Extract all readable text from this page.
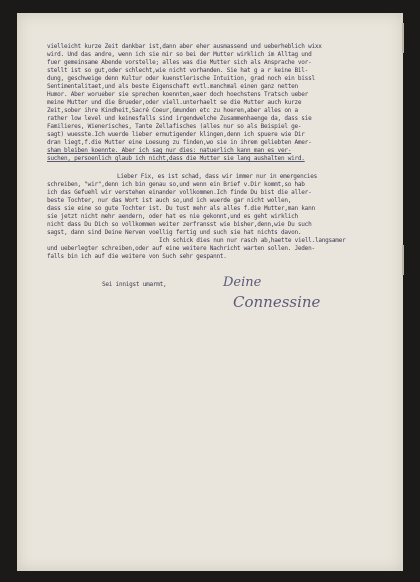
vielleicht kurze Zeit dankbar ist,dann aber eher ausmassend und ueberheblich wixx
wird. Und das andre, wenn ich sie mir so bei der Mutter wirklich im Alltag und
fuer gemeinsame Abende vorstelle; alles was die Mutter sich als Ansprache vor-
stellt ist so gut,oder schlecht,wie nicht vorhanden. Sie hat g a r keine Bil-
dung, geschweige denn Kultur oder kuenstlerische Intuition, grad noch ein bissl
Sentimentalitaet,und als beste Eigenschaft evtl.manchmal einen ganz netten
Humor. Aber worueber sie sprechen koennten,waer doch hoechstens Tratsch ueber
meine Mutter und die Brueder,oder viell.unterhaelt se die Mutter auch kurze
Zeit,sober ihre Kindheit,Sacré Coeur,Gmunden etc zu hoeren,aber alles on a
rather low level und keinesfalls sind irgendwelche Zusammenhaenge da, dass sie
Familieres, Wienerisches, Tante Zellafisches (alles nur so als Beispiel ge-
sagt) wuesste.Ich wuerde lieber ermutigender klingen,denn ich spuere wie Dir
dran liegt,f.die Mutter eine Loesung zu finden,wo sie in ihrem geliebten Amer-
sham bleiben koennte. Aber ich sag nur dies: natuerlich kann man es ver-
suchen, persoenlich glaub ich nicht,dass die Mutter sie lang aushalten wird.
Lieber Fix, es ist schad, dass wir immer nur in emergencies
schreiben, "wir",denn ich bin genau so,und wenn ein Brief v.Dir kommt,so hab
ich das Gefuehl wir verstehen einander vollkommen.Ich finde Du bist die aller-
beste Tochter, nur das Wort ist auch so,und ich wuerde gar nicht wollen,
dass sie eine so gute Tochter ist. Du tust mehr als alles f.die Mutter,man kann
sie jetzt nicht mehr aendern, oder hat es nie gekonnt,und es geht wirklich
nicht dass Du Dich so vollkommen weiter zerfransst wie bisher,denn,wie Du such
sagst, dann sind Deine Nerven voellig fertig und such sie hat nichts davon.
Ich schick dies nun nur rasch ab,haette viell.langsamer
und ueberlegter schreiben,oder auf eine weitere Nachricht warten sollen. Jeden-
falls bin ich auf die weitere von Such sehr gespannt.
Sei innigst umarmt,	Deine
Connessine
